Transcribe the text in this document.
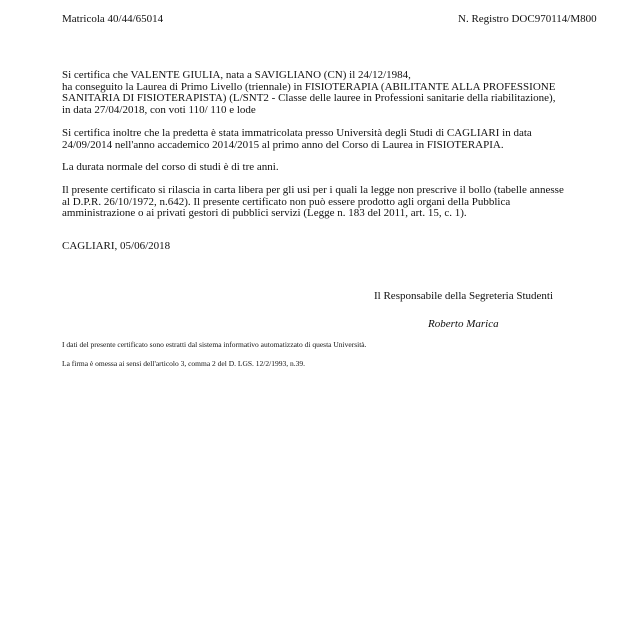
Matricola 40/44/65014	N. Registro DOC970114/M800
Si certifica che VALENTE GIULIA, nata a SAVIGLIANO (CN) il 24/12/1984,
ha conseguito la Laurea di Primo Livello (triennale) in FISIOTERAPIA (ABILITANTE ALLA PROFESSIONE
SANITARIA DI FISIOTERAPISTA) (L/SNT2 - Classe delle lauree in Professioni sanitarie della riabilitazione),
in data 27/04/2018, con voti 110/ 110 e lode
Si certifica inoltre che la predetta è stata immatricolata presso Università degli Studi di CAGLIARI in data
24/09/2014 nell'anno accademico 2014/2015 al primo anno del Corso di Laurea in FISIOTERAPIA.
La durata normale del corso di studi è di tre anni.
Il presente certificato si rilascia in carta libera per gli usi per i quali la legge non prescrive il bollo (tabelle annesse
al D.P.R. 26/10/1972, n.642). Il presente certificato non può essere prodotto agli organi della Pubblica
amministrazione o ai privati gestori di pubblici servizi (Legge n. 183 del 2011, art. 15, c. 1).
CAGLIARI, 05/06/2018
Il Responsabile della Segreteria Studenti
Roberto Marica
I dati del presente certificato sono estratti dal sistema informativo automatizzato di questa Università.
La firma è omessa ai sensi dell'articolo 3, comma 2 del D. LGS. 12/2/1993, n.39.
